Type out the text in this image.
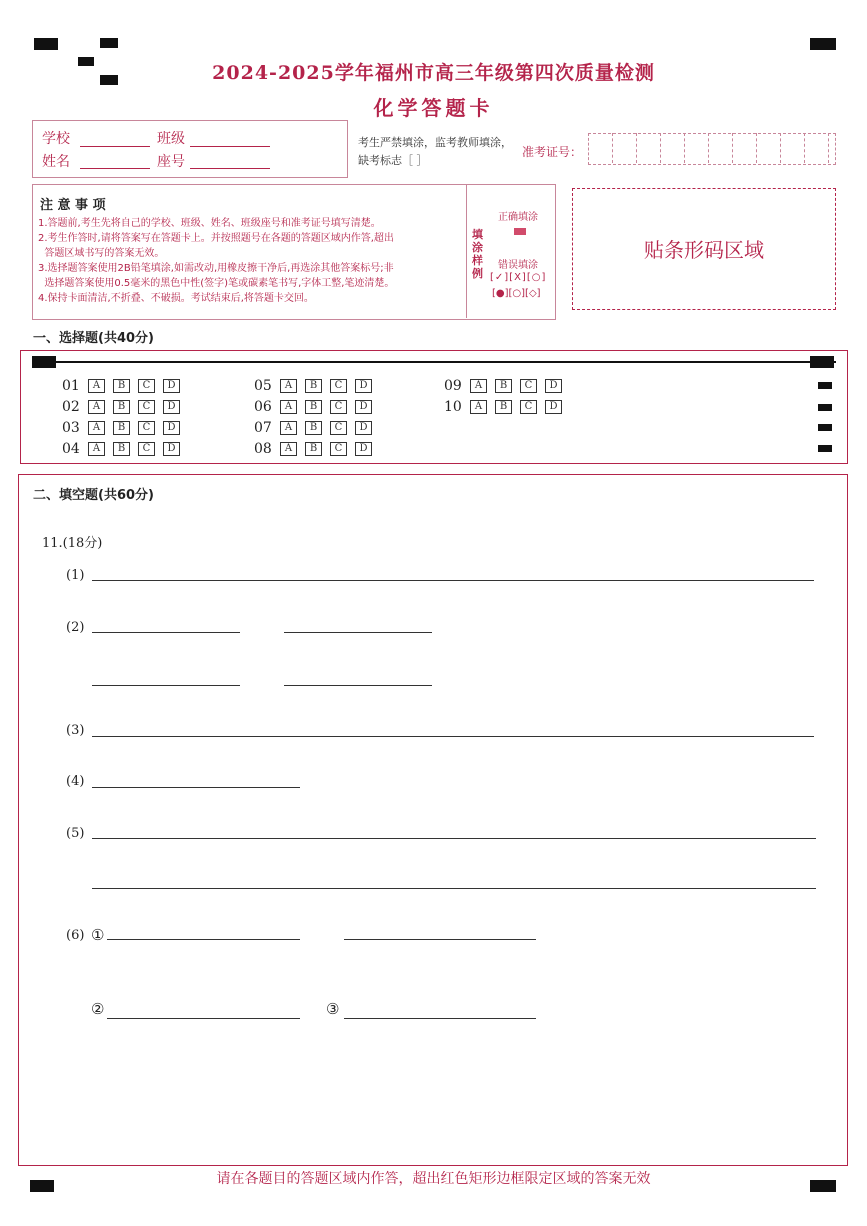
2024-2025学年福州市高三年级第四次质量检测
化学答题卡
学校	班级
姓名	座号
考生严禁填涂，监考教师填涂，
缺考标志［ ］
准考证号：
注 意 事 项
1.答题前,考生先将自己的学校、班级、姓名、班级座号和准考证号填写清楚。
2.考生作答时,请将答案写在答题卡上。并按照题号在各题的答题区域内作答,超出
答题区域书写的答案无效。
3.选择题答案使用2B铅笔填涂,如需改动,用橡皮擦干净后,再选涂其他答案标号;非
选择题答案使用0.5毫米的黑色中性(签字)笔或碳素笔书写,字体工整,笔迹清楚。
4.保持卡面清洁,不折叠、不破损。考试结束后,将答题卡交回。
填涂样例
正确填涂
错误填涂
[✓][X][○]
[●][○][◇]
贴条形码区域
一、选择题(共40分)
01 A B C D
02 A B C D
03 A B C D
04 A B C D
05 A B C D
06 A B C D
07 A B C D
08 A B C D
09 A B C D
10 A B C D
二、填空题(共60分)
11.(18分)
(1)
(2)
(3)
(4)
(5)
(6) ①
②	③
请在各题目的答题区域内作答，超出红色矩形边框限定区域的答案无效
